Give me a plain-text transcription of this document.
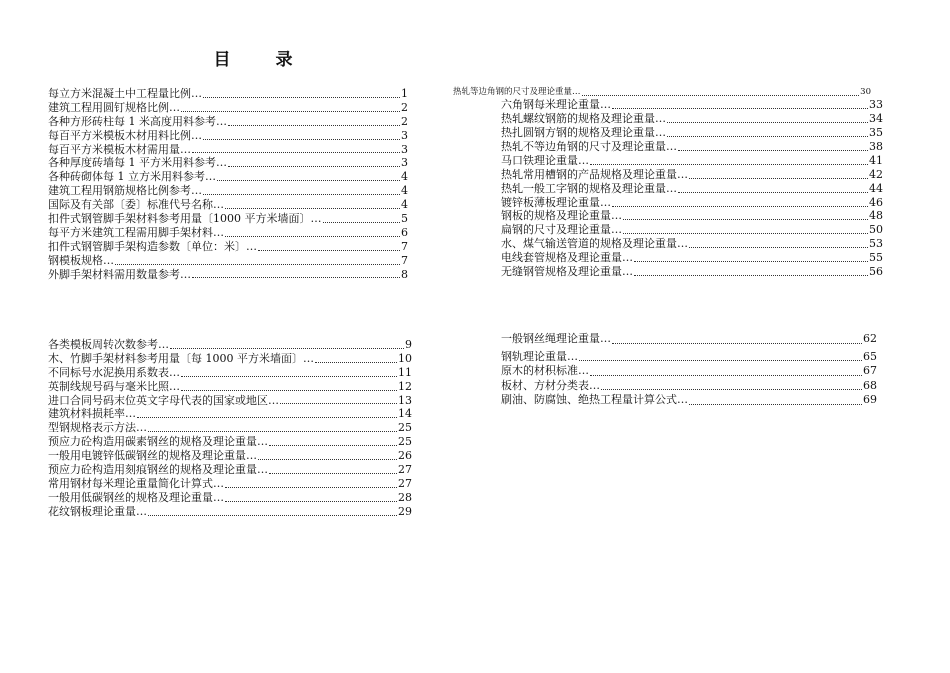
目　录
每立方米混凝土中工程量比例…	1
建筑工程用圆钉规格比例…	2
各种方形砖柱每 1 米高度用料参考…	2
每百平方米模板木材用料比例…	3
每百平方米模板木材需用量…	3
各种厚度砖墙每 1 平方米用料参考…	3
各种砖砌体每 1 立方米用料参考…	4
建筑工程用钢筋规格比例参考…	4
国际及有关部〔委〕标准代号名称…	4
扣件式钢管脚手架材料参考用量〔1000 平方米墙面〕…	5
每平方米建筑工程需用脚手架材料…	6
扣件式钢管脚手架构造参数〔单位：米〕…	7
钢模板规格…	7
外脚手架材料需用数量参考…	8
各类模板周转次数参考…	9
木、竹脚手架材料参考用量〔每 1000 平方米墙面〕…	10
不同标号水泥换用系数表…	11
英制线规号码与毫米比照…	12
进口合同号码末位英文字母代表的国家或地区…	13
建筑材料损耗率…	14
型钢规格表示方法…	25
预应力砼构造用碳素钢丝的规格及理论重量…	25
一般用电镀锌低碳钢丝的规格及理论重量…	26
预应力砼构造用刻痕钢丝的规格及理论重量…	27
常用钢材每米理论重量简化计算式…	27
一般用低碳钢丝的规格及理论重量…	28
花纹钢板理论重量…	29
热轧等边角钢的尺寸及理论重量…	30
六角钢每米理论重量…	33
热轧螺纹钢筋的规格及理论重量…	34
热扎圆钢方钢的规格及理论重量…	35
热轧不等边角钢的尺寸及理论重量…	38
马口铁理论重量…	41
热轧常用槽钢的产品规格及理论重量…	42
热轧一般工字钢的规格及理论重量…	44
镀锌板薄板理论重量…	46
钢板的规格及理论重量…	48
扁钢的尺寸及理论重量…	50
水、煤气输送管道的规格及理论重量…	53
电线套管规格及理论重量…	55
无缝钢管规格及理论重量…	56
一般钢丝绳理论重量…	62
钢轨理论重量…	65
原木的材积标准…	67
板材、方材分类表…	68
刷油、防腐蚀、绝热工程量计算公式…	69
